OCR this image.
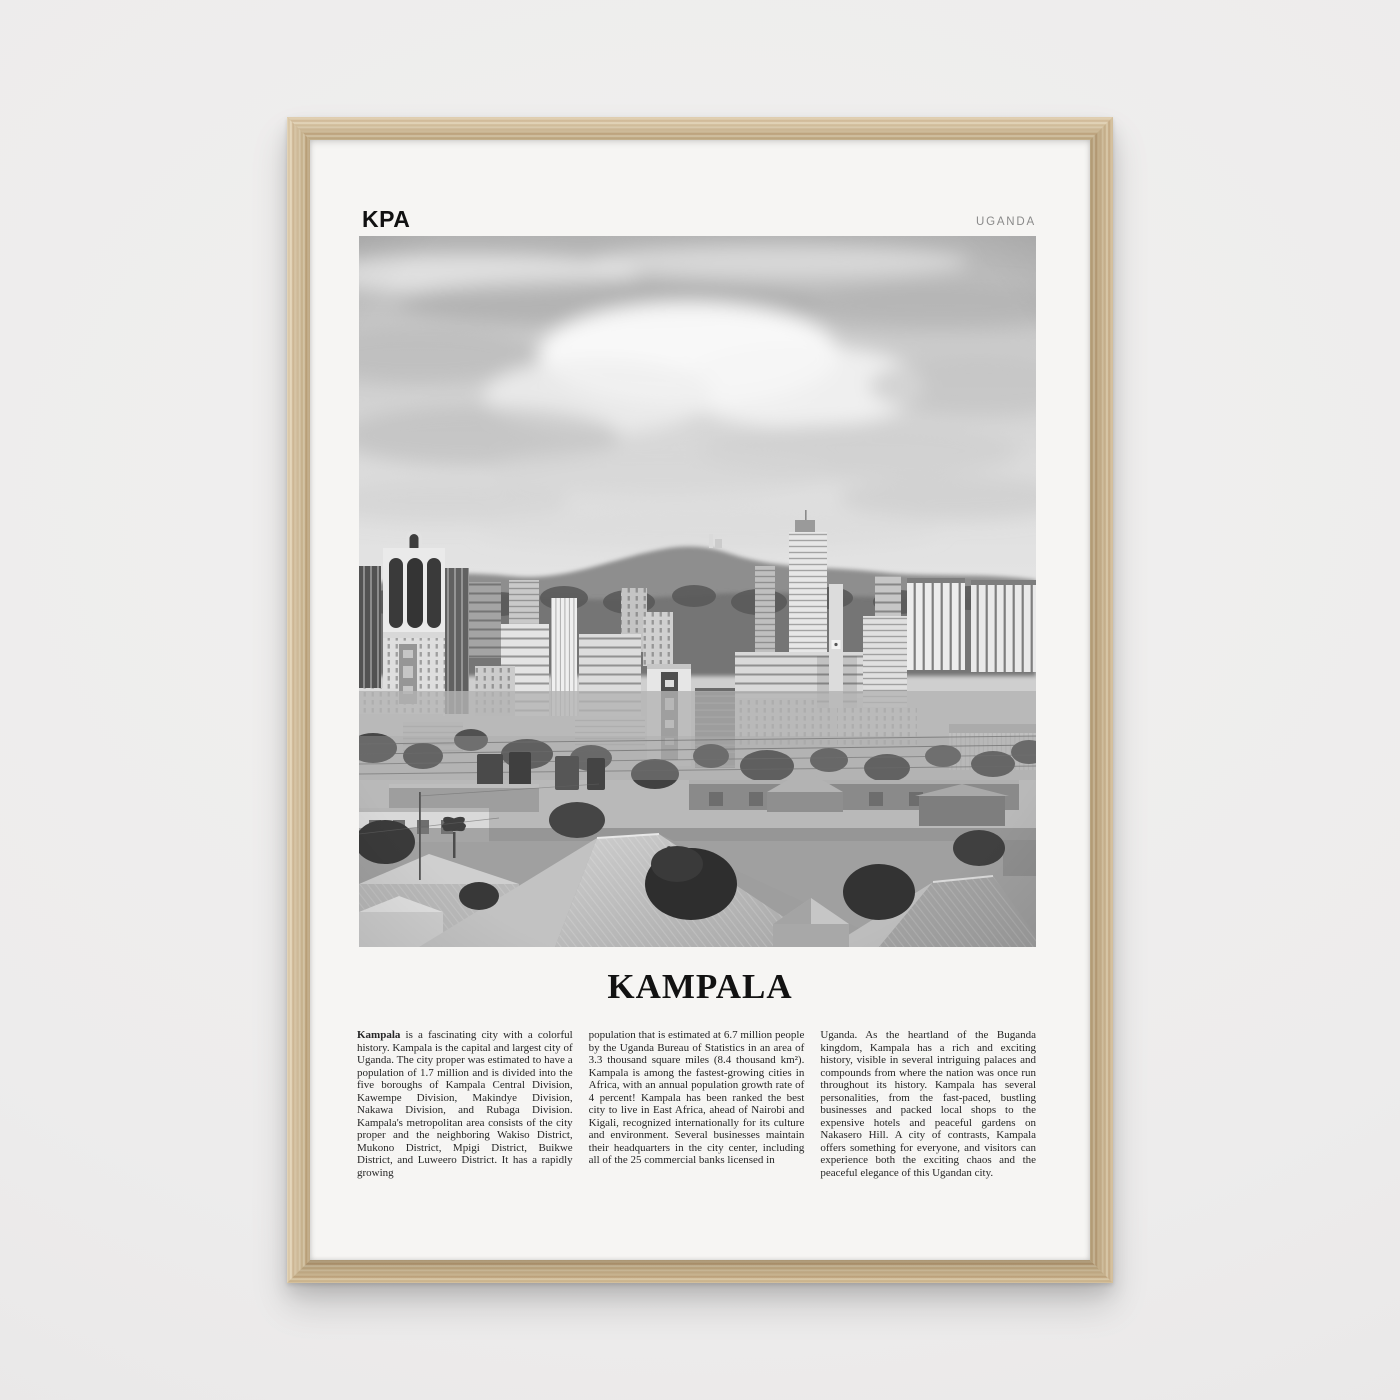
KPA	UGANDA
KAMPALA

Kampala is a fascinating city with a colorful history. Kampala is the capital and largest city of Uganda. The city proper was estimated to have a population of 1.7 million and is divided into the five boroughs of Kampala Central Division, Kawempe Division, Makindye Division, Nakawa Division, and Rubaga Division. Kampala's metropolitan area consists of the city proper and the neighboring Wakiso District, Mukono District, Mpigi District, Buikwe District, and Luweero District. It has a rapidly growing

population that is estimated at 6.7 million people by the Uganda Bureau of Statistics in an area of 3.3 thousand square miles (8.4 thousand km²). Kampala is among the fastest-growing cities in Africa, with an annual population growth rate of 4 percent! Kampala has been ranked the best city to live in East Africa, ahead of Nairobi and Kigali, recognized internationally for its culture and environment. Several businesses maintain their headquarters in the city center, including all of the 25 commercial banks licensed in

Uganda. As the heartland of the Buganda kingdom, Kampala has a rich and exciting history, visible in several intriguing palaces and compounds from where the nation was once run throughout its history. Kampala has several personalities, from the fast-paced, bustling businesses and packed local shops to the expensive hotels and peaceful gardens on Nakasero Hill. A city of contrasts, Kampala offers something for everyone, and visitors can experience both the exciting chaos and the peaceful elegance of this Ugandan city.
